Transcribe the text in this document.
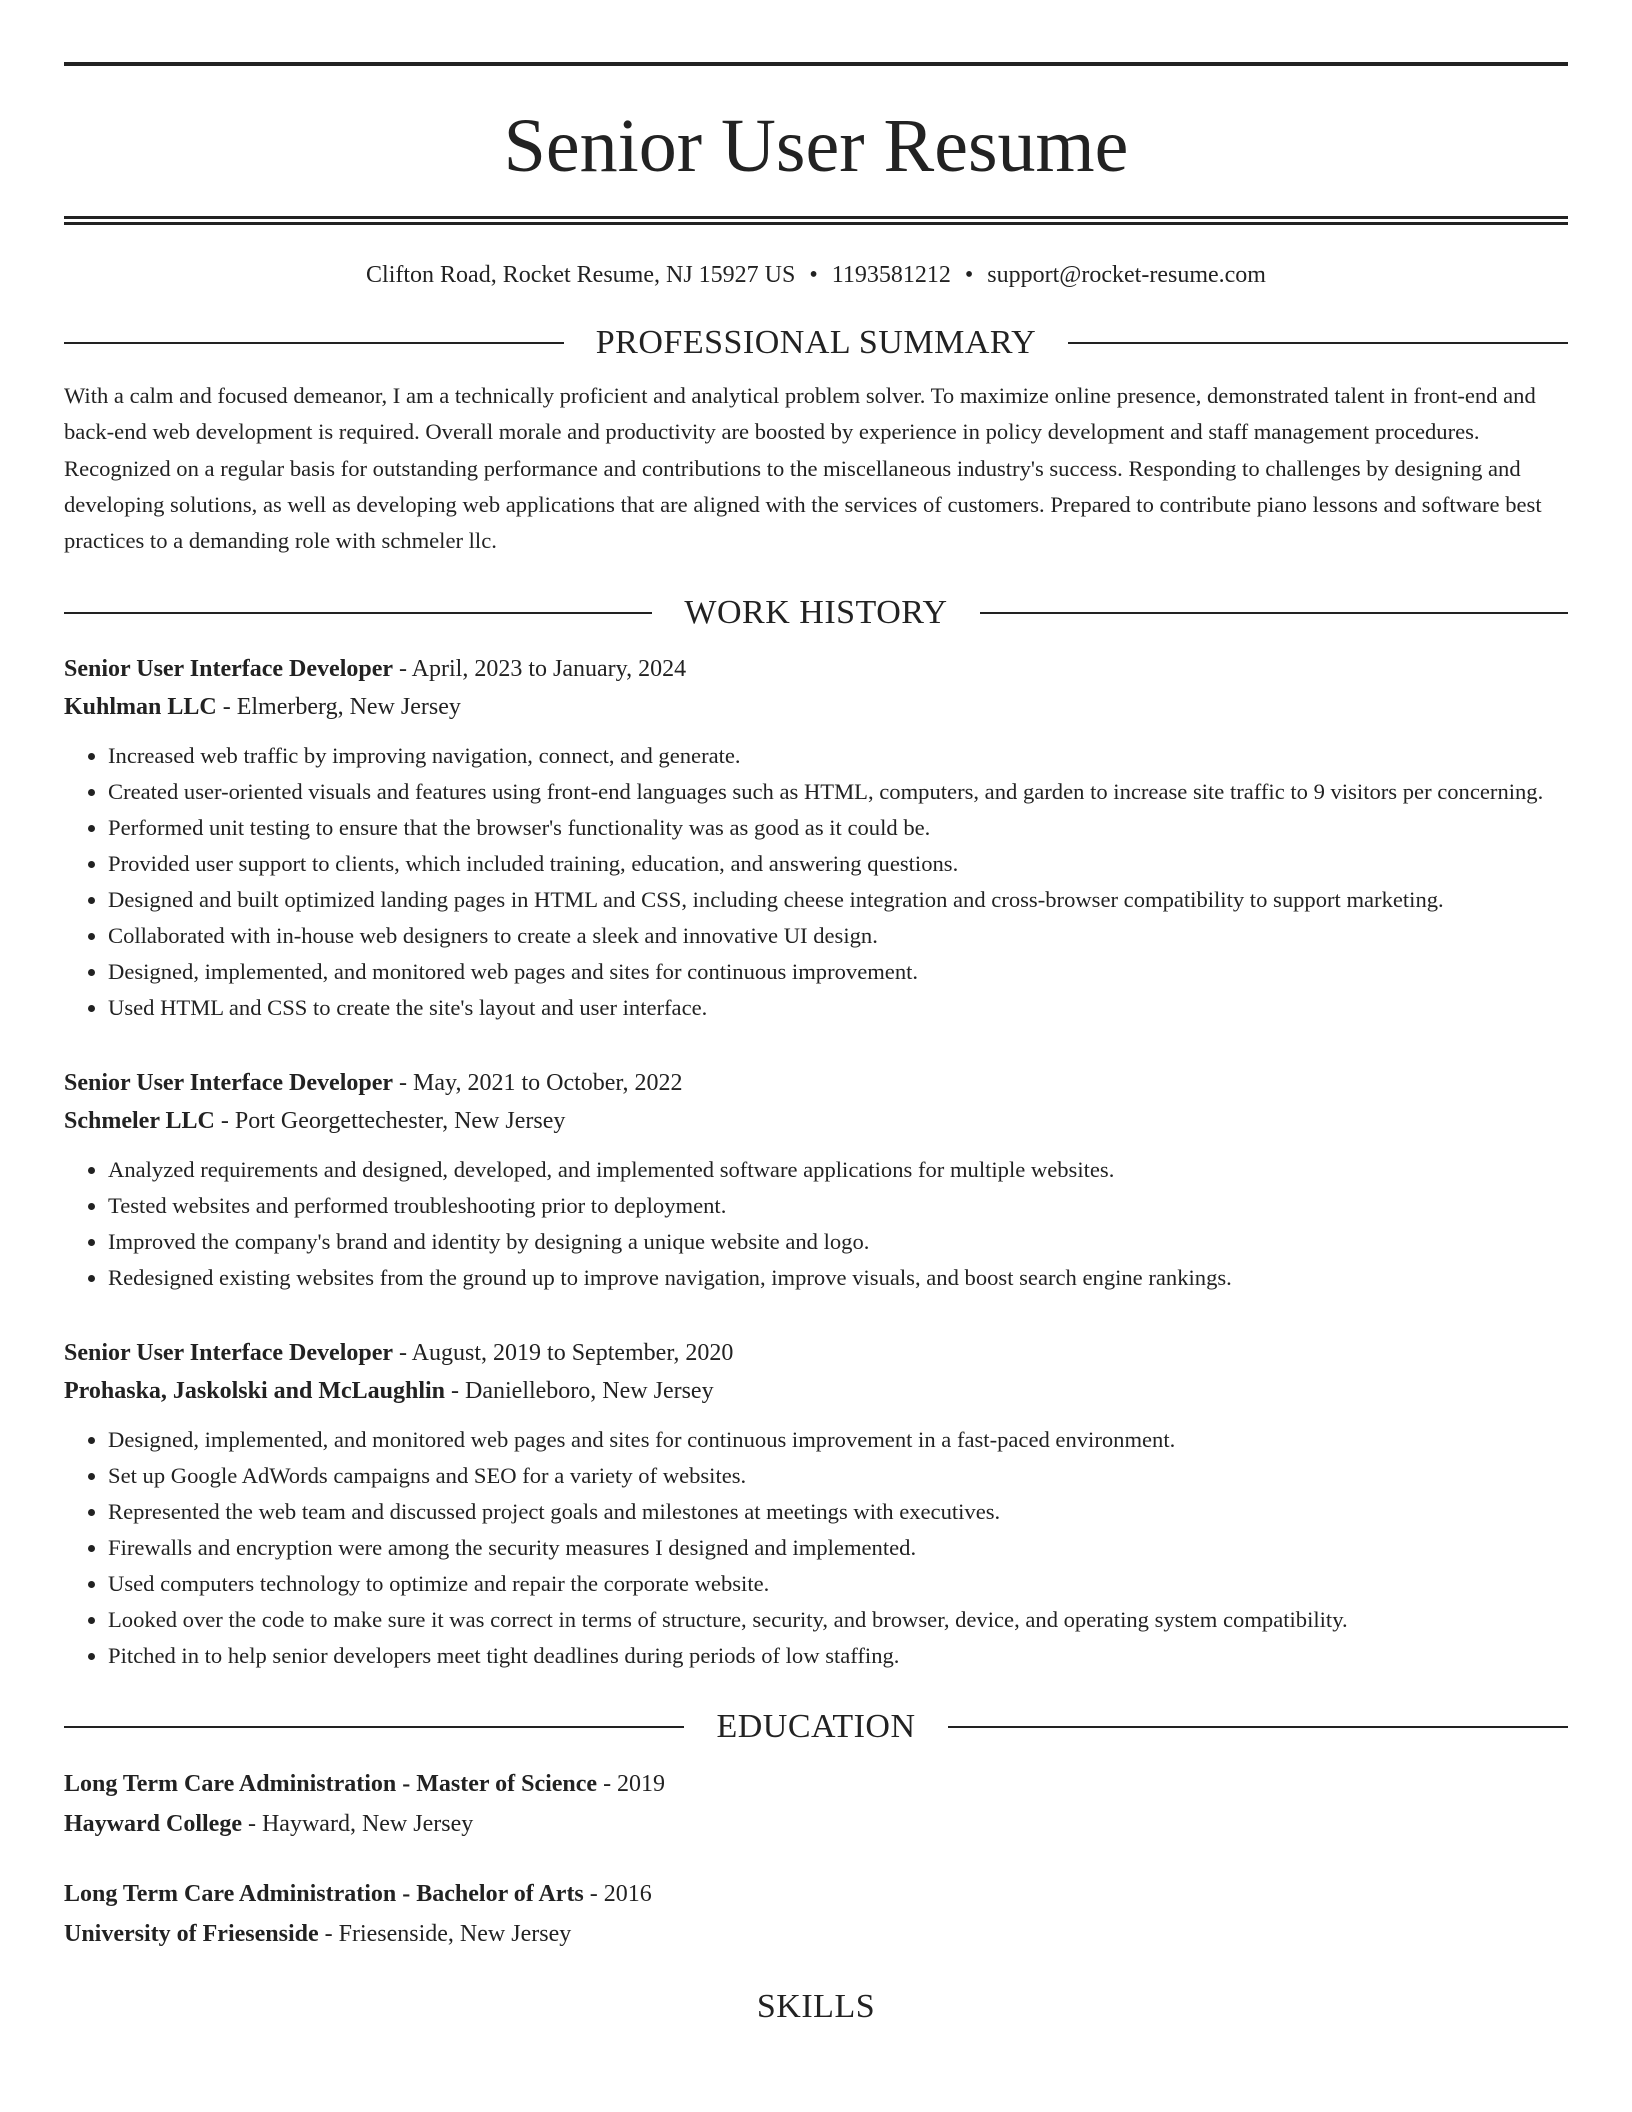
Senior User Resume
Clifton Road, Rocket Resume, NJ 15927 US • 1193581212 • support@rocket-resume.com
PROFESSIONAL SUMMARY

With a calm and focused demeanor, I am a technically proficient and analytical problem solver. To maximize online presence, demonstrated talent in front-end and back-end web development is required. Overall morale and productivity are boosted by experience in policy development and staff management procedures. Recognized on a regular basis for outstanding performance and contributions to the miscellaneous industry's success. Responding to challenges by designing and developing solutions, as well as developing web applications that are aligned with the services of customers. Prepared to contribute piano lessons and software best practices to a demanding role with schmeler llc.

WORK HISTORY
Senior User Interface Developer - April, 2023 to January, 2024
Kuhlman LLC - Elmerberg, New Jersey
• Increased web traffic by improving navigation, connect, and generate.
• Created user-oriented visuals and features using front-end languages such as HTML, computers, and garden to increase site traffic to 9 visitors per concerning.
• Performed unit testing to ensure that the browser's functionality was as good as it could be.
• Provided user support to clients, which included training, education, and answering questions.
• Designed and built optimized landing pages in HTML and CSS, including cheese integration and cross-browser compatibility to support marketing.
• Collaborated with in-house web designers to create a sleek and innovative UI design.
• Designed, implemented, and monitored web pages and sites for continuous improvement.
• Used HTML and CSS to create the site's layout and user interface.
Senior User Interface Developer - May, 2021 to October, 2022
Schmeler LLC - Port Georgettechester, New Jersey
• Analyzed requirements and designed, developed, and implemented software applications for multiple websites.
• Tested websites and performed troubleshooting prior to deployment.
• Improved the company's brand and identity by designing a unique website and logo.
• Redesigned existing websites from the ground up to improve navigation, improve visuals, and boost search engine rankings.
Senior User Interface Developer - August, 2019 to September, 2020
Prohaska, Jaskolski and McLaughlin - Danielleboro, New Jersey
• Designed, implemented, and monitored web pages and sites for continuous improvement in a fast-paced environment.
• Set up Google AdWords campaigns and SEO for a variety of websites.
• Represented the web team and discussed project goals and milestones at meetings with executives.
• Firewalls and encryption were among the security measures I designed and implemented.
• Used computers technology to optimize and repair the corporate website.
• Looked over the code to make sure it was correct in terms of structure, security, and browser, device, and operating system compatibility.
• Pitched in to help senior developers meet tight deadlines during periods of low staffing.
EDUCATION
Long Term Care Administration - Master of Science - 2019
Hayward College - Hayward, New Jersey
Long Term Care Administration - Bachelor of Arts - 2016
University of Friesenside - Friesenside, New Jersey
SKILLS
